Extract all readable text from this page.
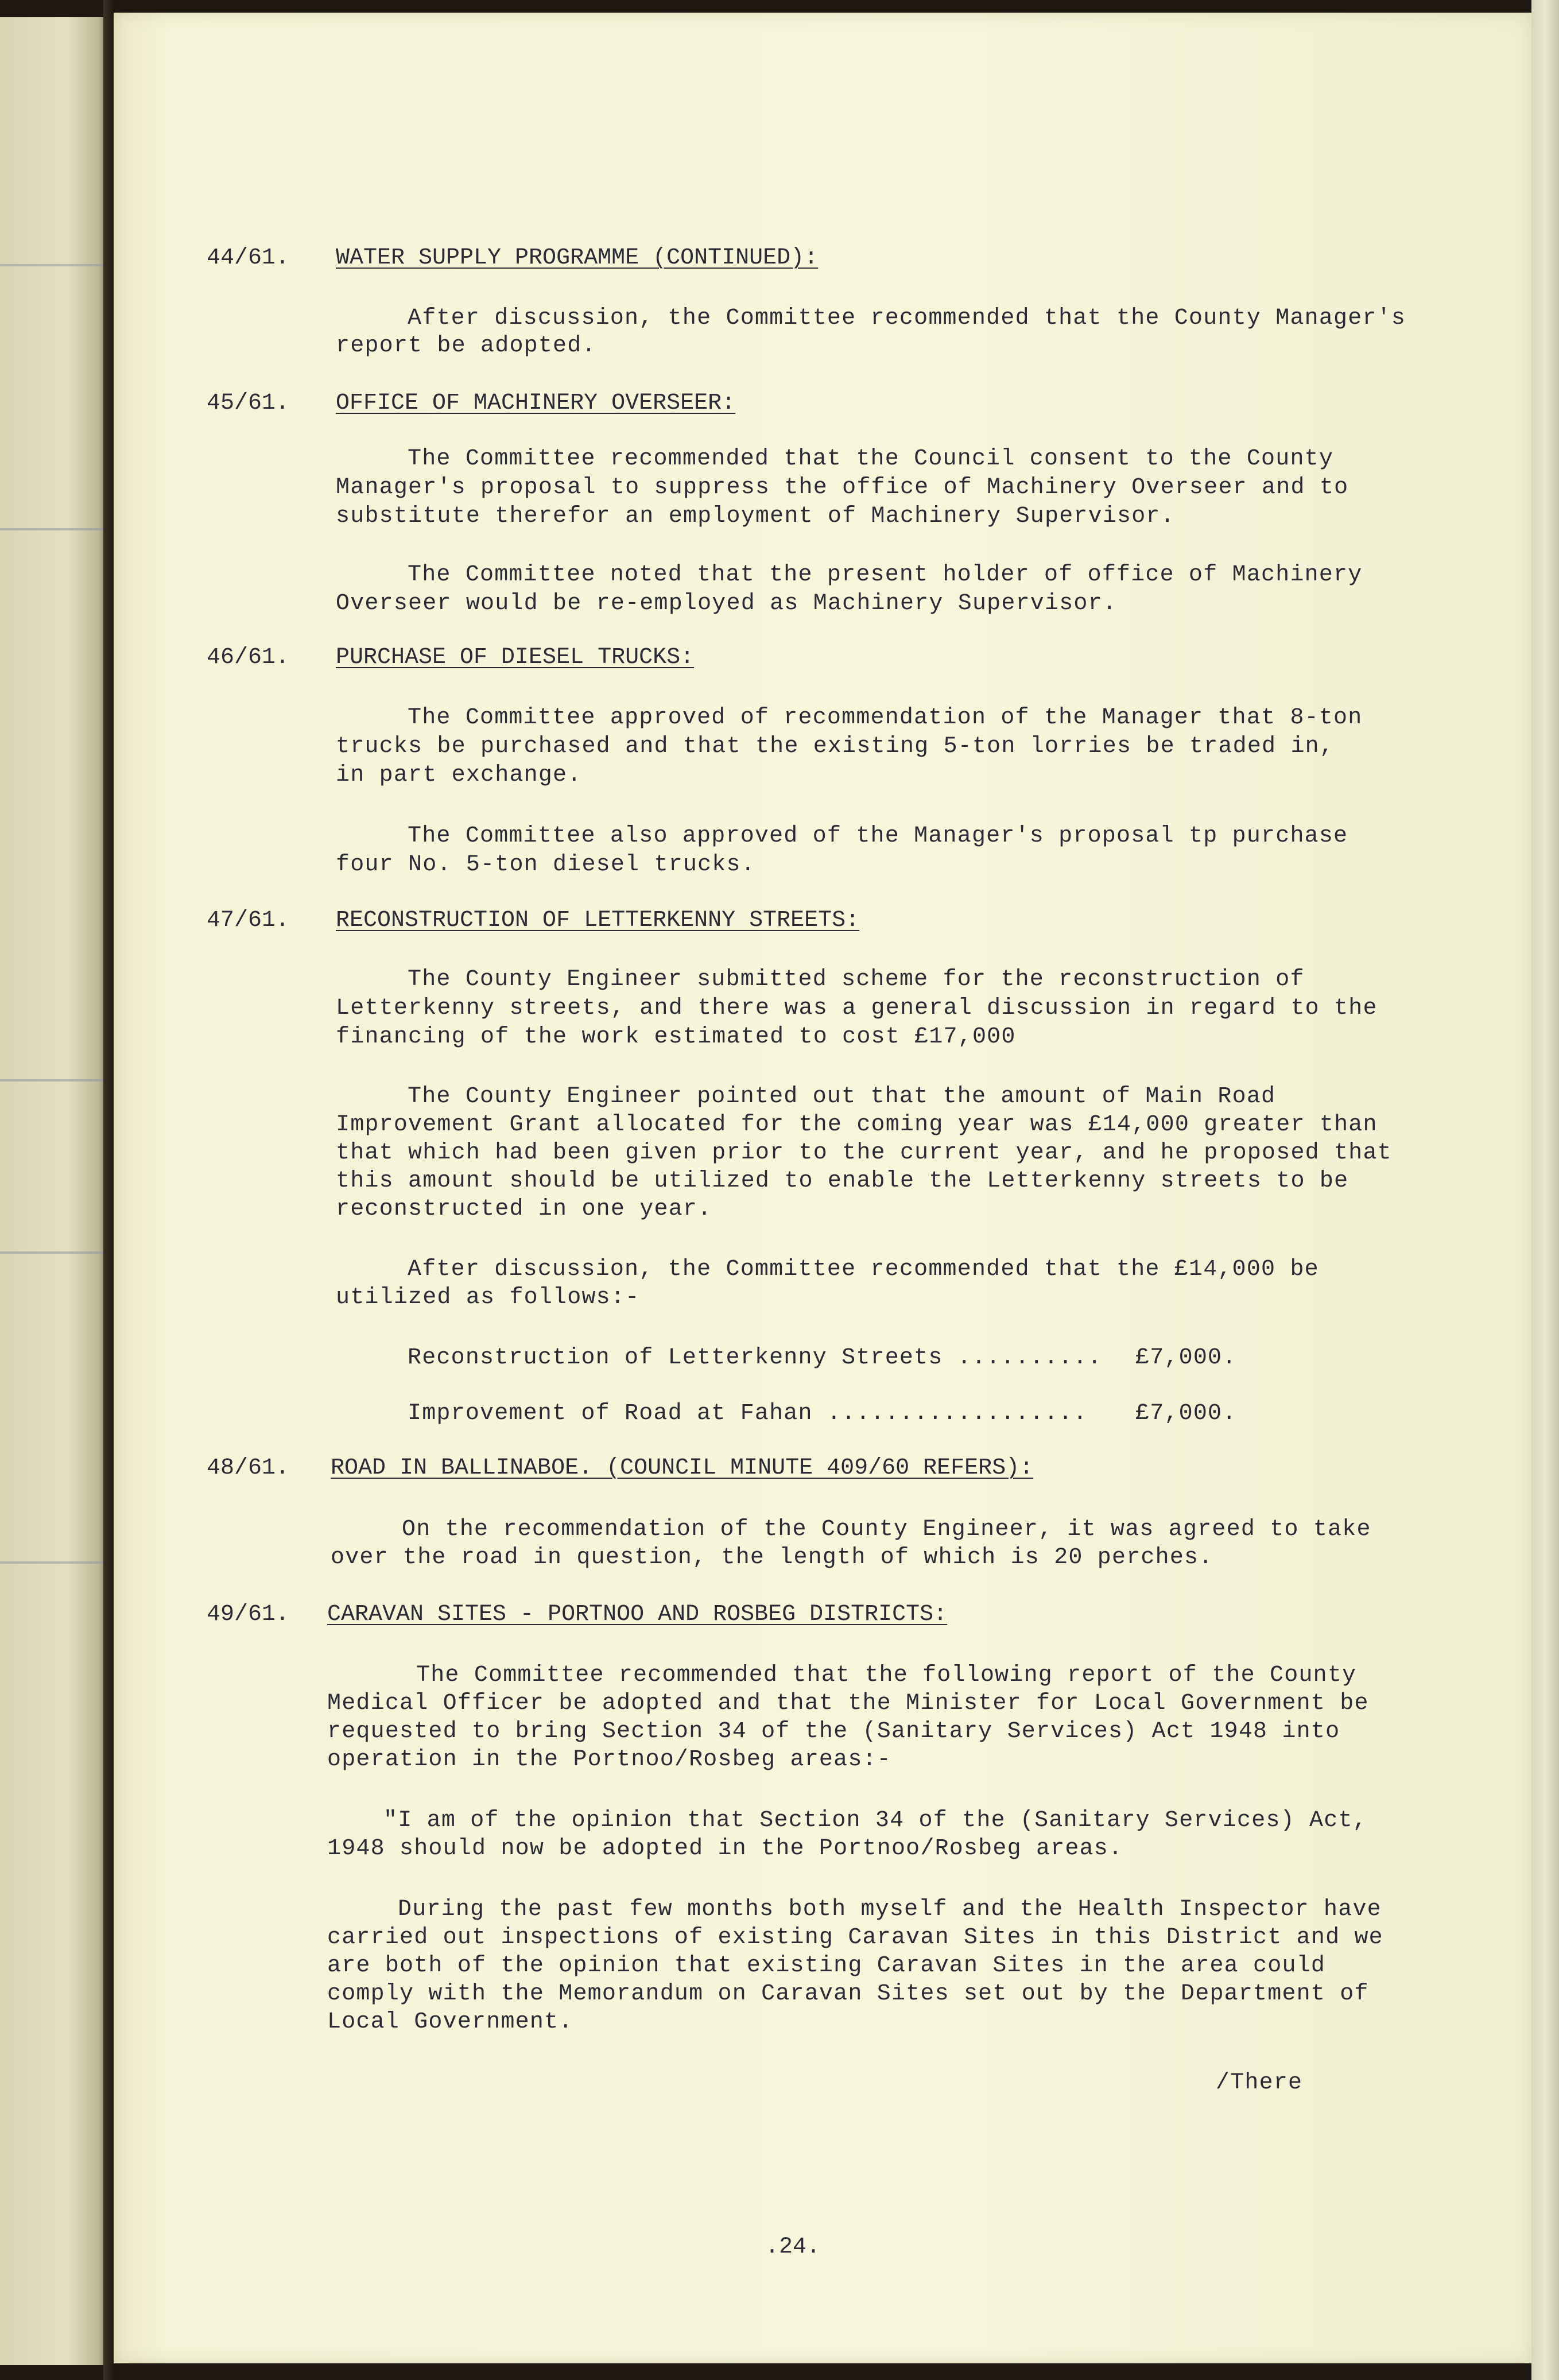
44/61. WATER SUPPLY PROGRAMME (CONTINUED):
After discussion, the Committee recommended that the County Manager's
report be adopted.
45/61. OFFICE OF MACHINERY OVERSEER:
The Committee recommended that the Council consent to the County
Manager's proposal to suppress the office of Machinery Overseer and to
substitute therefor an employment of Machinery Supervisor.
The Committee noted that the present holder of office of Machinery
Overseer would be re-employed as Machinery Supervisor.
46/61. PURCHASE OF DIESEL TRUCKS:
The Committee approved of recommendation of the Manager that 8-ton
trucks be purchased and that the existing 5-ton lorries be traded in,
in part exchange.
The Committee also approved of the Manager's proposal tp purchase
four No. 5-ton diesel trucks.
47/61. RECONSTRUCTION OF LETTERKENNY STREETS:
The County Engineer submitted scheme for the reconstruction of
Letterkenny streets, and there was a general discussion in regard to the
financing of the work estimated to cost £17,000
The County Engineer pointed out that the amount of Main Road
Improvement Grant allocated for the coming year was £14,000 greater than
that which had been given prior to the current year, and he proposed that
this amount should be utilized to enable the Letterkenny streets to be
reconstructed in one year.
After discussion, the Committee recommended that the £14,000 be
utilized as follows:-
Reconstruction of Letterkenny Streets .......... £7,000.
Improvement of Road at Fahan .................. £7,000.
48/61. ROAD IN BALLINABOE. (COUNCIL MINUTE 409/60 REFERS):
On the recommendation of the County Engineer, it was agreed to take
over the road in question, the length of which is 20 perches.
49/61. CARAVAN SITES - PORTNOO AND ROSBEG DISTRICTS:
The Committee recommended that the following report of the County
Medical Officer be adopted and that the Minister for Local Government be
requested to bring Section 34 of the (Sanitary Services) Act 1948 into
operation in the Portnoo/Rosbeg areas:-
"I am of the opinion that Section 34 of the (Sanitary Services) Act,
1948 should now be adopted in the Portnoo/Rosbeg areas.
During the past few months both myself and the Health Inspector have
carried out inspections of existing Caravan Sites in this District and we
are both of the opinion that existing Caravan Sites in the area could
comply with the Memorandum on Caravan Sites set out by the Department of
Local Government.
/There
.24.
